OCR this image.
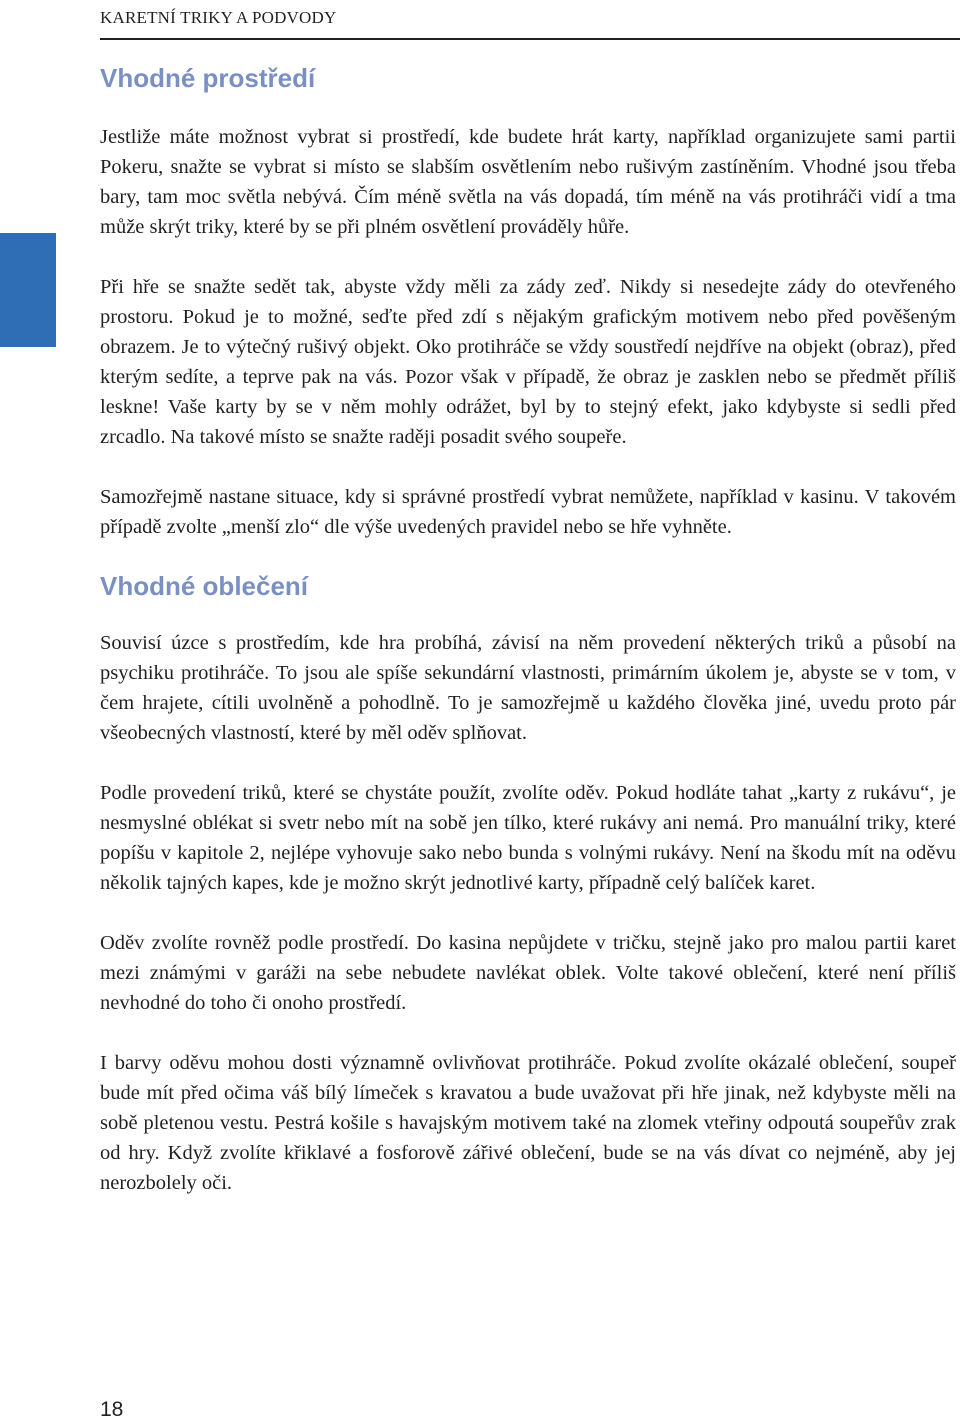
KARETNÍ TRIKY A PODVODY
Vhodné prostředí

Jestliže máte možnost vybrat si prostředí, kde budete hrát karty, například organizujete sami partii Pokeru, snažte se vybrat si místo se slabším osvětlením nebo rušivým zastíněním. Vhodné jsou třeba bary, tam moc světla nebývá. Čím méně světla na vás dopadá, tím méně na vás protihráči vidí a tma může skrýt triky, které by se při plném osvětlení prováděly hůře.

Při hře se snažte sedět tak, abyste vždy měli za zády zeď. Nikdy si nesedejte zády do otevřeného prostoru. Pokud je to možné, seďte před zdí s nějakým grafickým motivem nebo před pověšeným obrazem. Je to výtečný rušivý objekt. Oko protihráče se vždy soustředí nejdříve na objekt (obraz), před kterým sedíte, a teprve pak na vás. Pozor však v případě, že obraz je zasklen nebo se předmět příliš leskne! Vaše karty by se v něm mohly odrážet, byl by to stejný efekt, jako kdybyste si sedli před zrcadlo. Na takové místo se snažte raději posadit svého soupeře.

Samozřejmě nastane situace, kdy si správné prostředí vybrat nemůžete, například v kasinu. V takovém případě zvolte „menší zlo“ dle výše uvedených pravidel nebo se hře vyhněte.

Vhodné oblečení

Souvisí úzce s prostředím, kde hra probíhá, závisí na něm provedení některých triků a působí na psychiku protihráče. To jsou ale spíše sekundární vlastnosti, primárním úkolem je, abyste se v tom, v čem hrajete, cítili uvolněně a pohodlně. To je samozřejmě u každého člověka jiné, uvedu proto pár všeobecných vlastností, které by měl oděv splňovat.

Podle provedení triků, které se chystáte použít, zvolíte oděv. Pokud hodláte tahat „karty z rukávu“, je nesmyslné oblékat si svetr nebo mít na sobě jen tílko, které rukávy ani nemá. Pro manuální triky, které popíšu v kapitole 2, nejlépe vyhovuje sako nebo bunda s volnými rukávy. Není na škodu mít na oděvu několik tajných kapes, kde je možno skrýt jednotlivé karty, případně celý balíček karet.

Oděv zvolíte rovněž podle prostředí. Do kasina nepůjdete v tričku, stejně jako pro malou partii karet mezi známými v garáži na sebe nebudete navlékat oblek. Volte takové oblečení, které není příliš nevhodné do toho či onoho prostředí.

I barvy oděvu mohou dosti významně ovlivňovat protihráče. Pokud zvolíte okázalé oblečení, soupeř bude mít před očima váš bílý límeček s kravatou a bude uvažovat při hře jinak, než kdybyste měli na sobě pletenou vestu. Pestrá košile s havajským motivem také na zlomek vteřiny odpoutá soupeřův zrak od hry. Když zvolíte křiklavé a fosforově zářivé oblečení, bude se na vás dívat co nejméně, aby jej nerozbolely oči.

18
